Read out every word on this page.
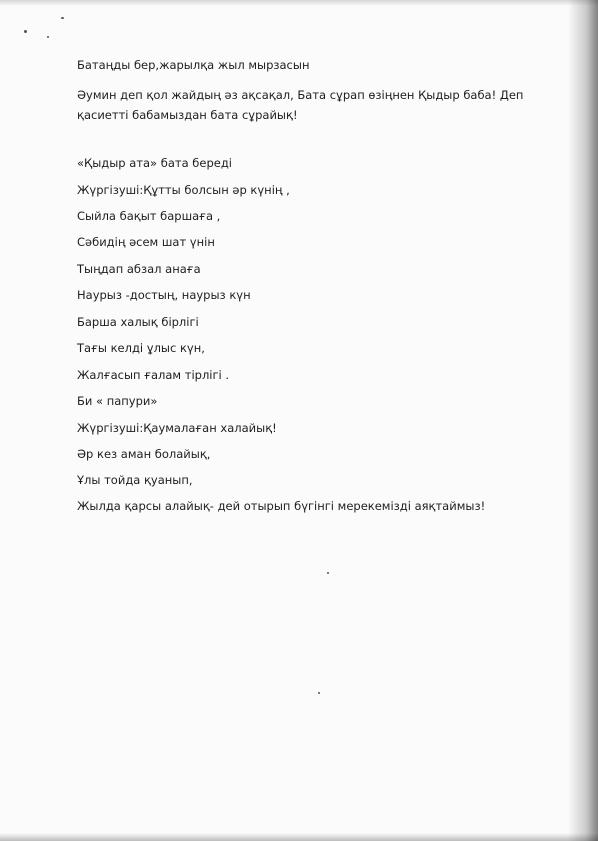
Батаңды бер,жарылқа жыл мырзасын

Әумин деп қол жайдың әз ақсақал, Бата сұрап өзіңнен Қыдыр баба! Деп қасиетті бабамыздан бата сұрайық!

«Қыдыр ата» бата береді

Жүргізуші:Құтты болсын әр күнің ,

Сыйла бақыт баршаға ,

Сәбидің әсем шат үнін

Тыңдап абзал анаға

Наурыз -достың, наурыз күн

Барша халық бірлігі

Тағы келді ұлыс күн,

Жалғасып ғалам тірлігі .

Би « папури»

Жүргізуші:Қаумалаған халайық!

Әр кез аман болайық,

Ұлы тойда қуанып,

Жылда қарсы алайық- дей отырып бүгінгі мерекемізді аяқтаймыз!
